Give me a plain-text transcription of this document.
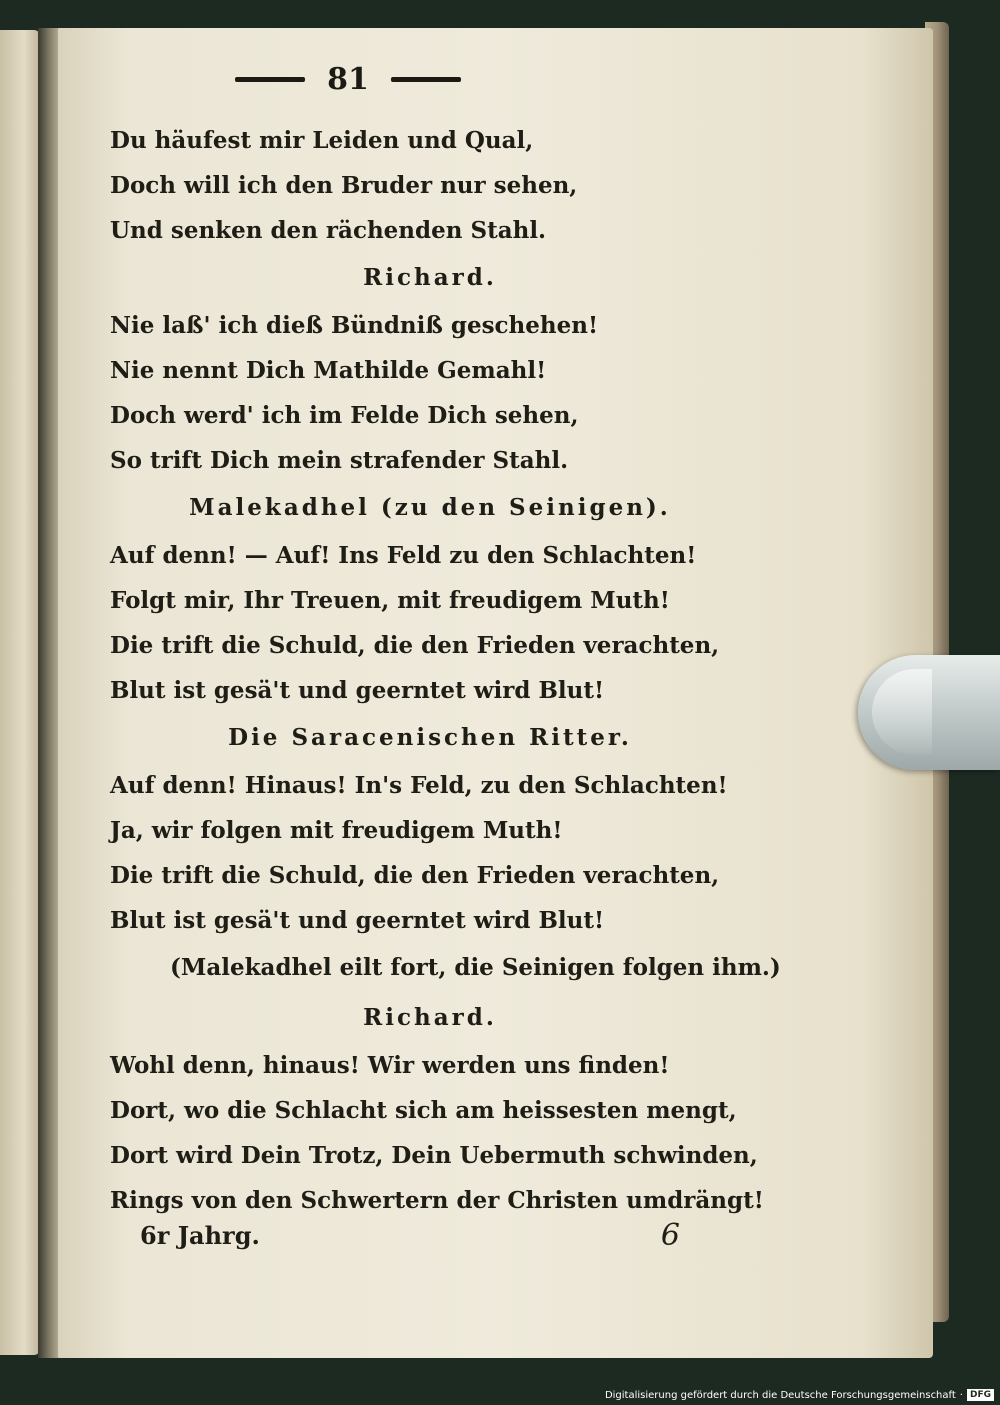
81
Du häufest mir Leiden und Qual,
Doch will ich den Bruder nur sehen,
Und senken den rächenden Stahl.
Richard.
Nie laß' ich dieß Bündniß geschehen!
Nie nennt Dich Mathilde Gemahl!
Doch werd' ich im Felde Dich sehen,
So trift Dich mein strafender Stahl.
Malekadhel (zu den Seinigen).
Auf denn! — Auf! Ins Feld zu den Schlachten!
Folgt mir, Ihr Treuen, mit freudigem Muth!
Die trift die Schuld, die den Frieden verachten,
Blut ist gesä't und geerntet wird Blut!
Die Saracenischen Ritter.
Auf denn! Hinaus! In's Feld, zu den Schlachten!
Ja, wir folgen mit freudigem Muth!
Die trift die Schuld, die den Frieden verachten,
Blut ist gesä't und geerntet wird Blut!
(Malekadhel eilt fort, die Seinigen folgen ihm.)
Richard.
Wohl denn, hinaus! Wir werden uns finden!
Dort, wo die Schlacht sich am heissesten mengt,
Dort wird Dein Trotz, Dein Uebermuth schwinden,
Rings von den Schwertern der Christen umdrängt!
6r Jahrg.	6
Digitalisierung gefördert durch die Deutsche Forschungsgemeinschaft · DFG
